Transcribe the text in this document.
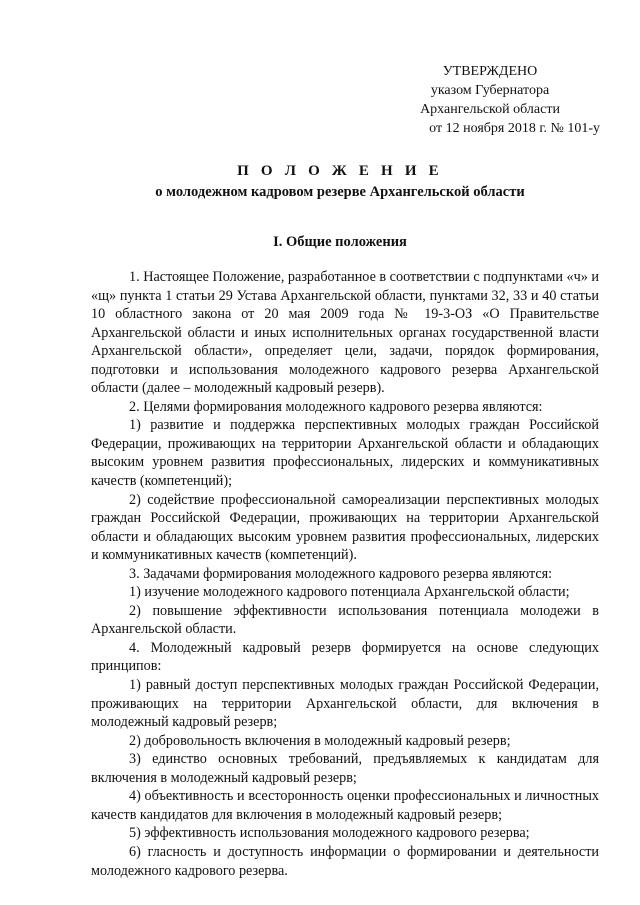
УТВЕРЖДЕНО
указом Губернатора
Архангельской области
от 12 ноября 2018 г. № 101-у
П О Л О Ж Е Н И Е
о молодежном кадровом резерве Архангельской области
I. Общие положения

1. Настоящее Положение, разработанное в соответствии с подпунктами «ч» и «щ» пункта 1 статьи 29 Устава Архангельской области, пунктами 32, 33 и 40 статьи 10 областного закона от 20 мая 2009 года № 19-3-ОЗ «О Правительстве Архангельской области и иных исполнительных органах государственной власти Архангельской области», определяет цели, задачи, порядок формирования, подготовки и использования молодежного кадрового резерва Архангельской области (далее – молодежный кадровый резерв).

2. Целями формирования молодежного кадрового резерва являются:

1) развитие и поддержка перспективных молодых граждан Российской Федерации, проживающих на территории Архангельской области и обладающих высоким уровнем развития профессиональных, лидерских и коммуникативных качеств (компетенций);

2) содействие профессиональной самореализации перспективных молодых граждан Российской Федерации, проживающих на территории Архангельской области и обладающих высоким уровнем развития профессиональных, лидерских и коммуникативных качеств (компетенций).

3. Задачами формирования молодежного кадрового резерва являются:

1) изучение молодежного кадрового потенциала Архангельской области;

2) повышение эффективности использования потенциала молодежи в Архангельской области.

4. Молодежный кадровый резерв формируется на основе следующих принципов:

1) равный доступ перспективных молодых граждан Российской Федерации, проживающих на территории Архангельской области, для включения в молодежный кадровый резерв;

2) добровольность включения в молодежный кадровый резерв;

3) единство основных требований, предъявляемых к кандидатам для включения в молодежный кадровый резерв;

4) объективность и всесторонность оценки профессиональных и личностных качеств кандидатов для включения в молодежный кадровый резерв;

5) эффективность использования молодежного кадрового резерва;

6) гласность и доступность информации о формировании и деятельности молодежного кадрового резерва.
